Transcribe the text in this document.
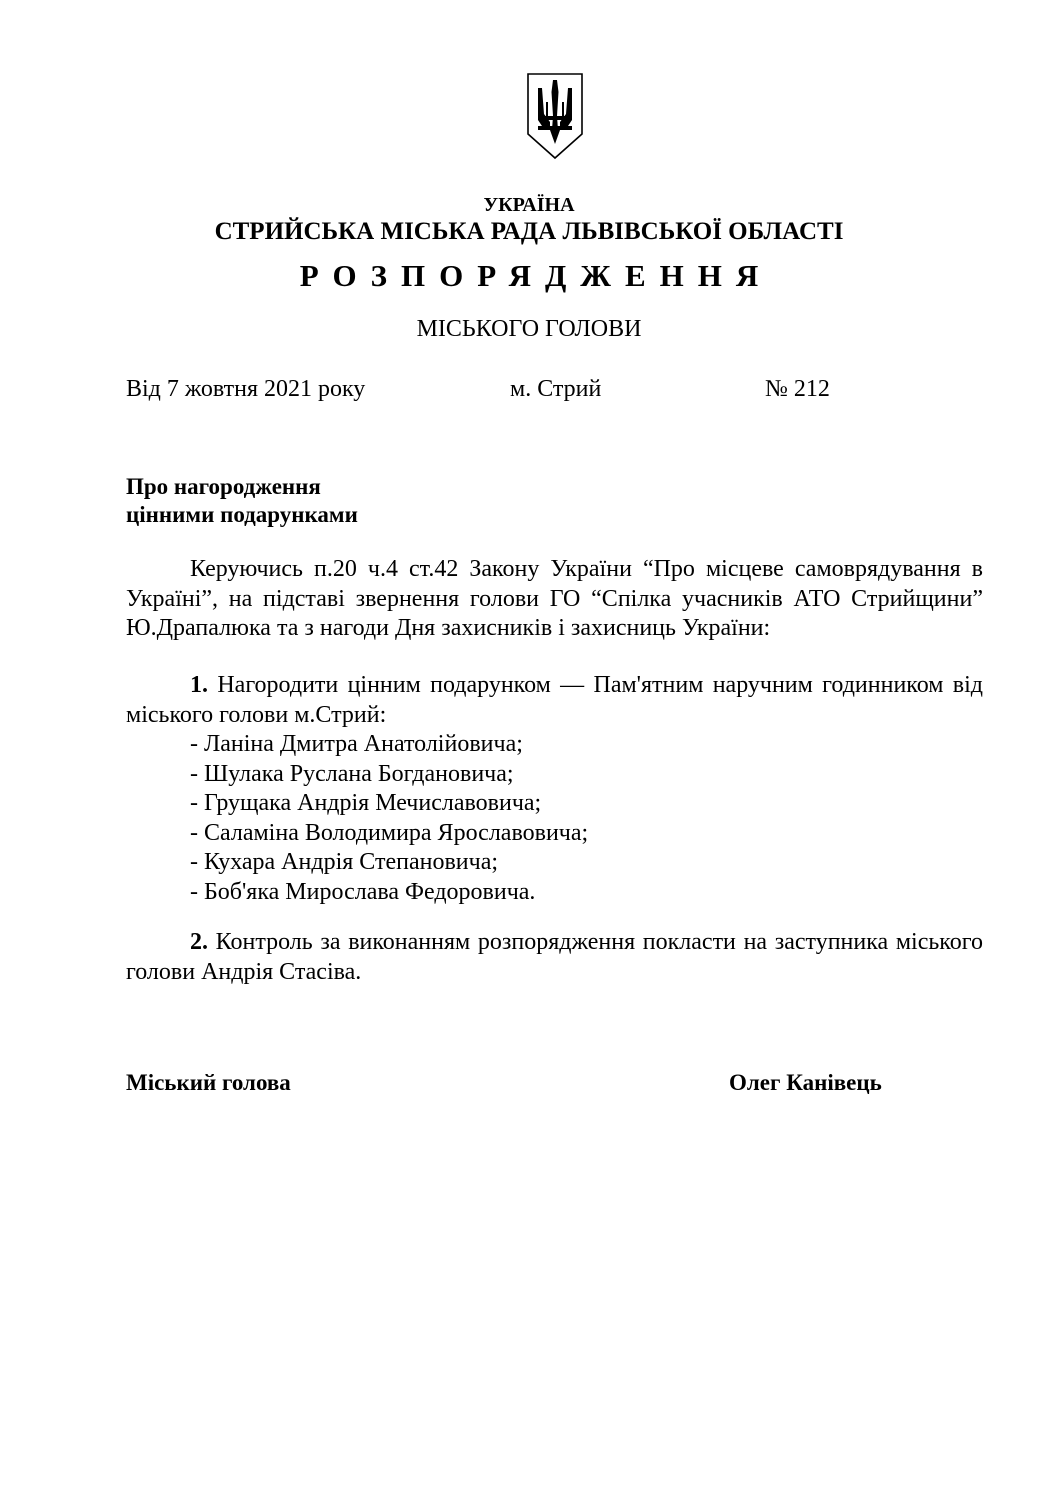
УКРАЇНА
СТРИЙСЬКА МІСЬКА РАДА ЛЬВІВСЬКОЇ ОБЛАСТІ
РОЗПОРЯДЖЕННЯ
МІСЬКОГО ГОЛОВИ
Від 7 жовтня 2021 року	м. Стрий	№ 212
Про нагородження
цінними подарунками
Керуючись п.20 ч.4 ст.42 Закону України “Про місцеве самоврядування в Україні”, на підставі звернення голови ГО “Спілка учасників АТО Стрийщини” Ю.Драпалюка та з нагоди Дня захисників і захисниць України:
1. Нагородити цінним подарунком — Пам'ятним наручним годинником від міського голови м.Стрий:
- Ланіна Дмитра Анатолійовича;
- Шулака Руслана Богдановича;
- Грущака Андрія Мечиславовича;
- Саламіна Володимира Ярославовича;
- Кухара Андрія Степановича;
- Боб'яка Мирослава Федоровича.
2. Контроль за виконанням розпорядження покласти на заступника міського голови Андрія Стасіва.
Міський голова	Олег Канівець
